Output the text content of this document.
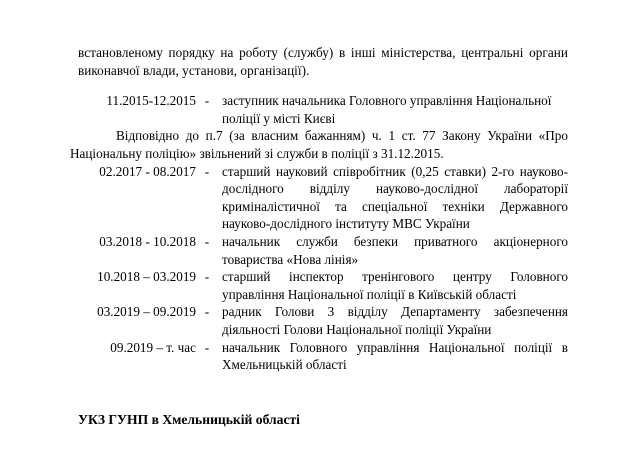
встановленому порядку на роботу (службу) в інші міністерства, центральні органи виконавчої влади, установи, організації).

11.2015-12.2015	-	заступник начальника Головного управління Національної поліції у місті Києві

Відповідно до п.7 (за власним бажанням) ч. 1 ст. 77 Закону України «Про Національну поліцію» звільнений зі служби в поліції з 31.12.2015.		

02.2017 - 08.2017	-	старший науковий співробітник (0,25 ставки) 2-го науково-дослідного відділу науково-дослідної лабораторії криміналістичної та спеціальної техніки Державного науково-дослідного інституту МВС України
03.2018 - 10.2018	-	начальник служби безпеки приватного акціонерного товариства «Нова лінія»
10.2018 – 03.2019	-	старший інспектор тренінгового центру Головного управління Національної поліції в Київській області
03.2019 – 09.2019	-	радник Голови 3 відділу Департаменту забезпечення діяльності Голови Національної поліції України
09.2019 – т. час	-	начальник Головного управління Національної поліції в Хмельницькій області
УКЗ ГУНП в Хмельницькій області
